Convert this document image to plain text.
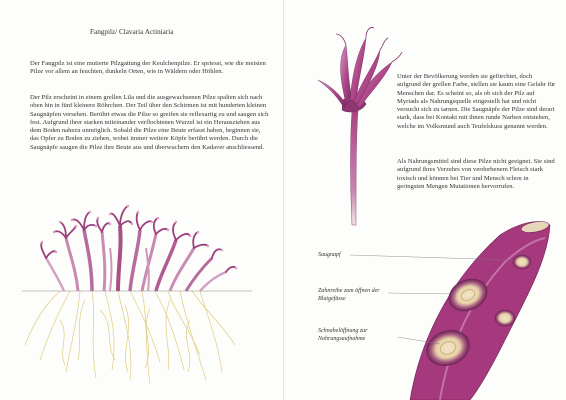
Fangpilz/ Clavaria Actiniaria

Der Fangpilz ist eine mutierte Pilzgattung der Keulchenpilze. Er spriesst, wie die meisten Pilze vor allem an feuchten, dunkeln Orten, wie in Wäldern oder Höhlen.

Der Pilz erscheint in einem grellen Lila und die ausgewachsenen Pilze spalten sich nach oben hin in fünf kleinere Röhrchen. Der Teil über den Schirmen ist mit hunderten kleinen Saugnäpfen versehen. Berührt etwas die Pilze so greifen sie reflexartig zu und saugen sich fest. Aufgrund ihrer starken miteinander verflochtenen Wurzel ist ein Herausziehen aus dem Boden nahezu unmöglich. Sobald die Pilze eine Beute erfasst haben, beginnen sie, das Opfer zu Boden zu ziehen, wobei immer weitere Köpfe berührt werden. Durch die Saugnäpfe saugen die Pilze ihre Beute aus und überwuchern den Kadaver anschliessend.

Unter der Bevölkerung werden sie gefürchtet, doch aufgrund der grellen Farbe, stellen sie kaum eine Gefahr für Menschen dar. Es scheint so, als ob sich der Pilz auf Myriads als Nahrungsquelle eingestellt hat und nicht versucht sich zu tarnen. Die Saugnäpfe der Pilze sind derart stark, dass bei Kontakt mit ihnen runde Narben entstehen, welche im Volksmund auch Teufelskuss genannt werden.

Als Nahrungsmittel sind diese Pilze nicht geeignet. Sie sind aufgrund ihres Verzehrs von verdorbenem Fleisch stark toxisch und können bei Tier und Mensch schon in geringsten Mengen Mutationen hervorrufen.

Saugnapf
Zahnreihe zum öffnen der Blutgefässe
Schnabelöffnung zur Nahrungsaufnahme
